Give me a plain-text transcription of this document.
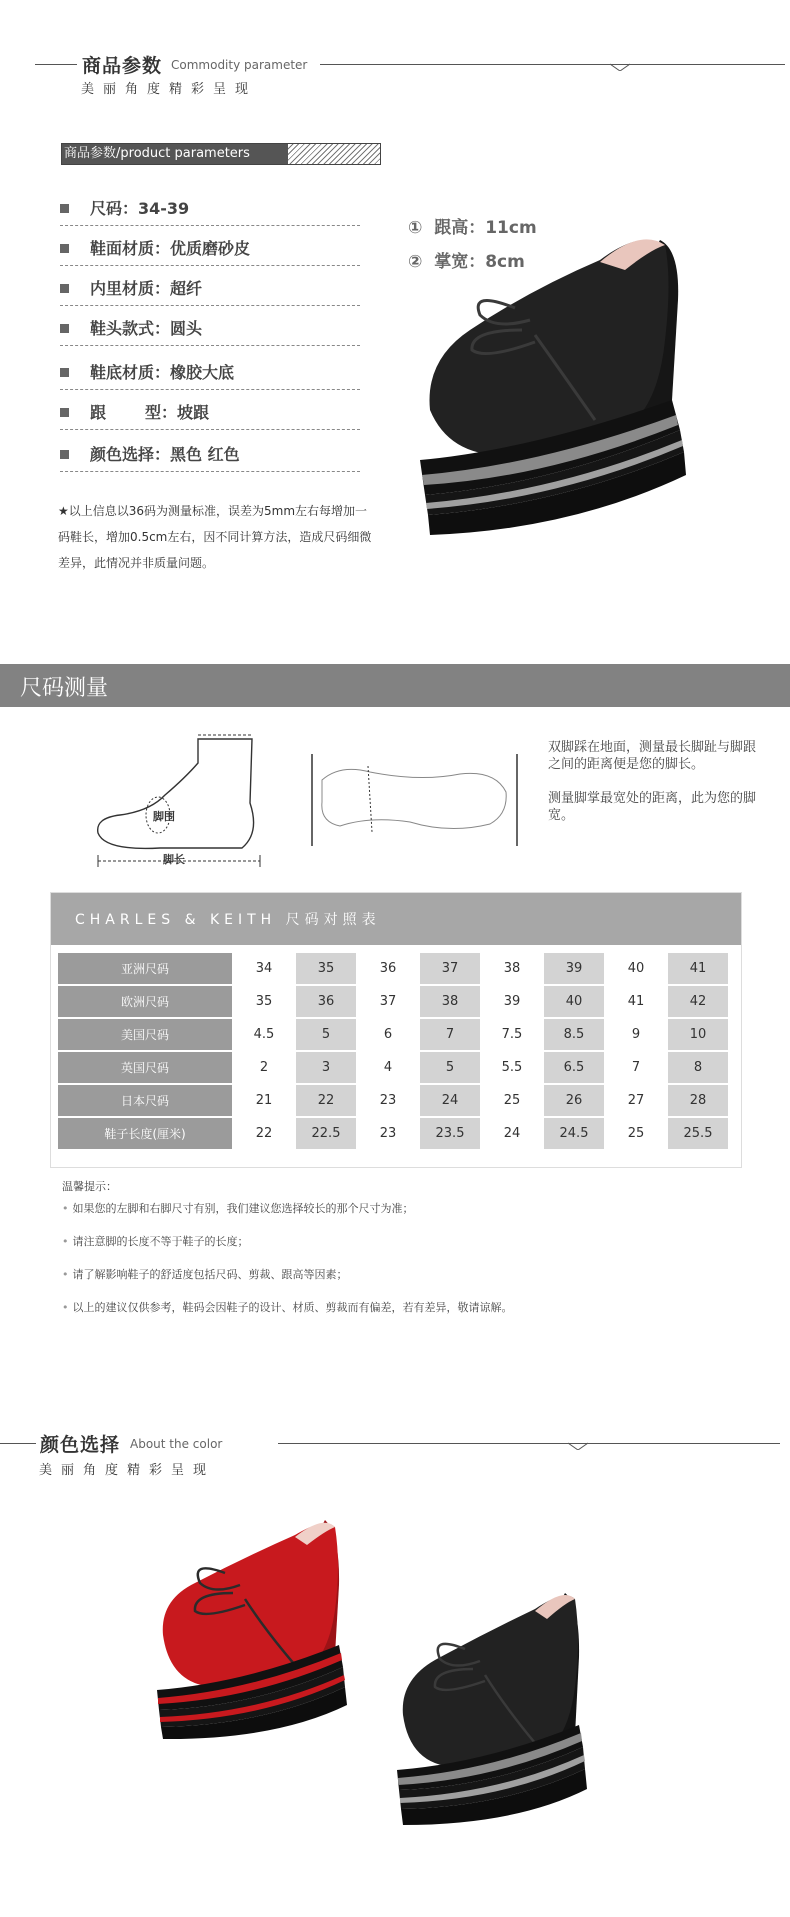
商品参数 Commodity parameter
美丽角度精彩呈现
商品参数/product parameters
尺码：34-39
鞋面材质：优质磨砂皮
内里材质：超纤
鞋头款式：圆头
鞋底材质：橡胶大底
跟       型：坡跟
颜色选择：黑色 红色
★以上信息以36码为测量标准，误差为5mm左右每增加一码鞋长，增加0.5cm左右，因不同计算方法，造成尺码细微差异，此情况并非质量问题。
①  跟高：11cm
②  掌宽：8cm
尺码测量
脚围
脚长
双脚踩在地面，测量最长脚趾与脚跟之间的距离便是您的脚长。
测量脚掌最宽处的距离，此为您的脚宽。
CHARLES & KEITH 尺码对照表
亚洲尺码	34	35	36	37	38	39	40	41
欧洲尺码	35	36	37	38	39	40	41	42
美国尺码	4.5	5	6	7	7.5	8.5	9	10
英国尺码	2	3	4	5	5.5	6.5	7	8
日本尺码	21	22	23	24	25	26	27	28
鞋子长度(厘米)	22	22.5	23	23.5	24	24.5	25	25.5
温馨提示：
• 如果您的左脚和右脚尺寸有别，我们建议您选择较长的那个尺寸为准；
• 请注意脚的长度不等于鞋子的长度；
• 请了解影响鞋子的舒适度包括尺码、剪裁、跟高等因素；
• 以上的建议仅供参考，鞋码会因鞋子的设计、材质、剪裁而有偏差，若有差异，敬请谅解。
颜色选择 About the color
美丽角度精彩呈现
